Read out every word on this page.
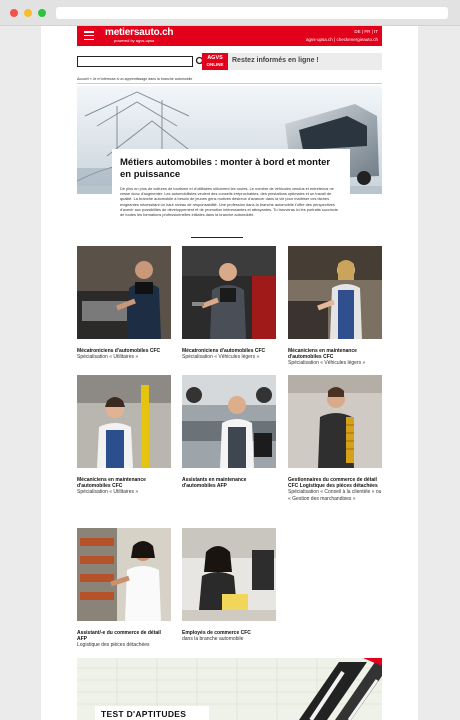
metiersauto.ch
powered by agvs-upsa
DE | FR | IT
agvs-upsa.ch | checkenergieauto.ch
AGVS
ONLINE
Restez informés en ligne !
Accueil » Je m'intéresse à un apprentissage dans la branche automobile
Métiers automobiles : monter à bord et monter en puissance

De plus en plus de voitures de tourisme et d'utilitaires sillonnent les routes. Le nombre de véhicules vendus et entretenus ne cesse donc d'augmenter. Les automobilistes veulent des conseils irréprochables, des prestations optimales et un travail de qualité. La branche automobile a besoin de jeunes gens motivés désireux d'avancer dans la vie pour maîtriser ces tâches exigeantes nécessitant un haut niveau de responsabilité. Une profession dans la branche automobile t'offre des perspectives d'avenir aux possibilités de développement et de promotion intéressantes et attrayantes. Tu trouveras ici les portraits succincts de toutes les formations professionnelles initiales dans la branche automobile.

Mécatroniciens d'automobiles CFC
Spécialisation « Utilitaires »
Mécatroniciens d'automobiles CFC
Spécialisation « Véhicules légers »
Mécaniciens en maintenance d'automobiles CFC
Spécialisation « Véhicules légers »
Mécaniciens en maintenance d'automobiles CFC
Spécialisation « Utilitaires »
Assistants en maintenance d'automobiles AFP
Gestionnaires du commerce de détail CFC Logistique des pièces détachées
Spécialisation « Conseil à la clientèle » ou « Gestion des marchandises »
Assistant/-e du commerce de détail AFP
Logistique des pièces détachées
Employés de commerce CFC
dans la branche automobile
TEST D'APTITUDES
